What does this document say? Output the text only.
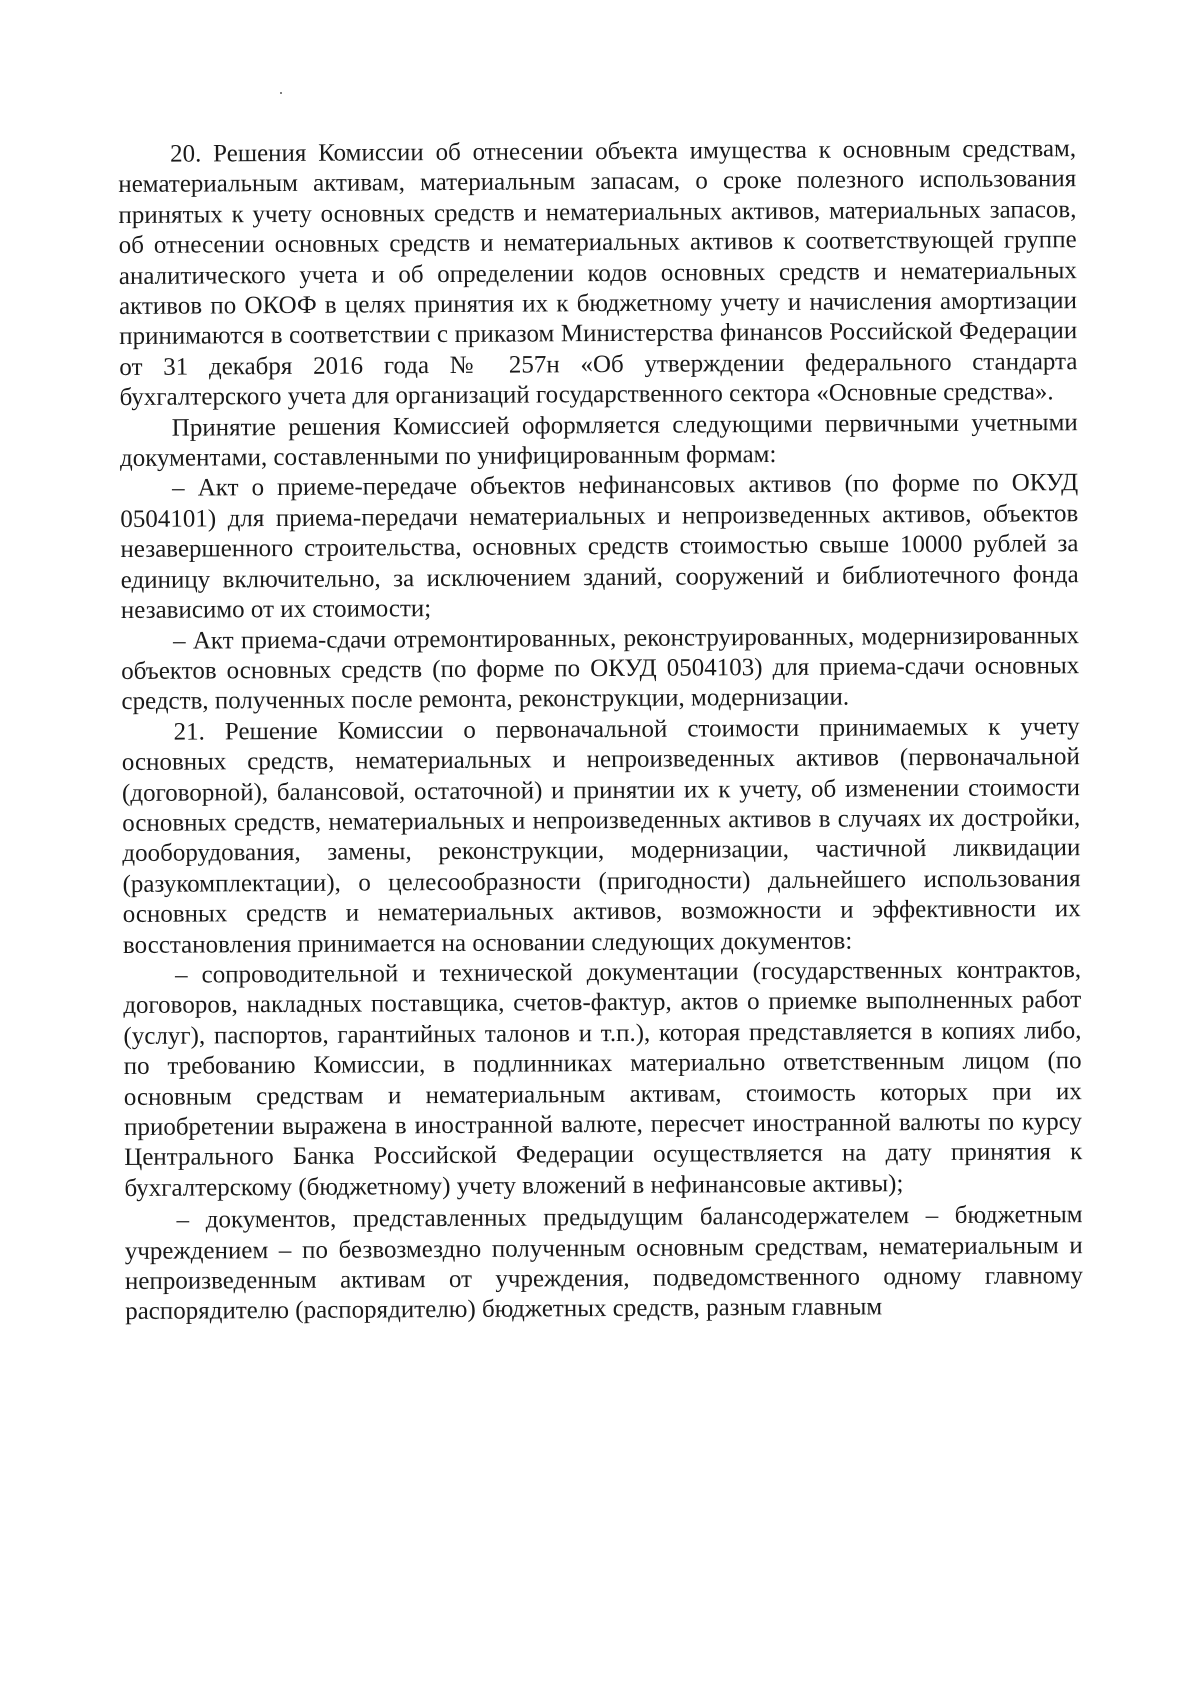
20. Решения Комиссии об отнесении объекта имущества к основным средствам, нематериальным активам, материальным запасам, о сроке полезного использования принятых к учету основных средств и нематериальных активов, материальных запасов, об отнесении основных средств и нематериальных активов к соответствующей группе аналитического учета и об определении кодов основных средств и нематериальных активов по ОКОФ в целях принятия их к бюджетному учету и начисления амортизации принимаются в соответствии с приказом Министерства финансов Российской Федерации от 31 декабря 2016 года № 257н «Об утверждении федерального стандарта бухгалтерского учета для организаций государственного сектора «Основные средства».

Принятие решения Комиссией оформляется следующими первичными учетными документами, составленными по унифицированным формам:

– Акт о приеме-передаче объектов нефинансовых активов (по форме по ОКУД 0504101) для приема-передачи нематериальных и непроизведенных активов, объектов незавершенного строительства, основных средств стоимостью свыше 10000 рублей за единицу включительно, за исключением зданий, сооружений и библиотечного фонда независимо от их стоимости;

– Акт приема-сдачи отремонтированных, реконструированных, модернизированных объектов основных средств (по форме по ОКУД 0504103) для приема-сдачи основных средств, полученных после ремонта, реконструкции, модернизации.

21. Решение Комиссии о первоначальной стоимости принимаемых к учету основных средств, нематериальных и непроизведенных активов (первоначальной (договорной), балансовой, остаточной) и принятии их к учету, об изменении стоимости основных средств, нематериальных и непроизведенных активов в случаях их достройки, дооборудования, замены, реконструкции, модернизации, частичной ликвидации (разукомплектации), о целесообразности (пригодности) дальнейшего использования основных средств и нематериальных активов, возможности и эффективности их восстановления принимается на основании следующих документов:

– сопроводительной и технической документации (государственных контрактов, договоров, накладных поставщика, счетов-фактур, актов о приемке выполненных работ (услуг), паспортов, гарантийных талонов и т.п.), которая представляется в копиях либо, по требованию Комиссии, в подлинниках материально ответственным лицом (по основным средствам и нематериальным активам, стоимость которых при их приобретении выражена в иностранной валюте, пересчет иностранной валюты по курсу Центрального Банка Российской Федерации осуществляется на дату принятия к бухгалтерскому (бюджетному) учету вложений в нефинансовые активы);

– документов, представленных предыдущим балансодержателем – бюджетным учреждением – по безвозмездно полученным основным средствам, нематериальным и непроизведенным активам от учреждения, подведомственного одному главному распорядителю (распорядителю) бюджетных средств, разным главным
